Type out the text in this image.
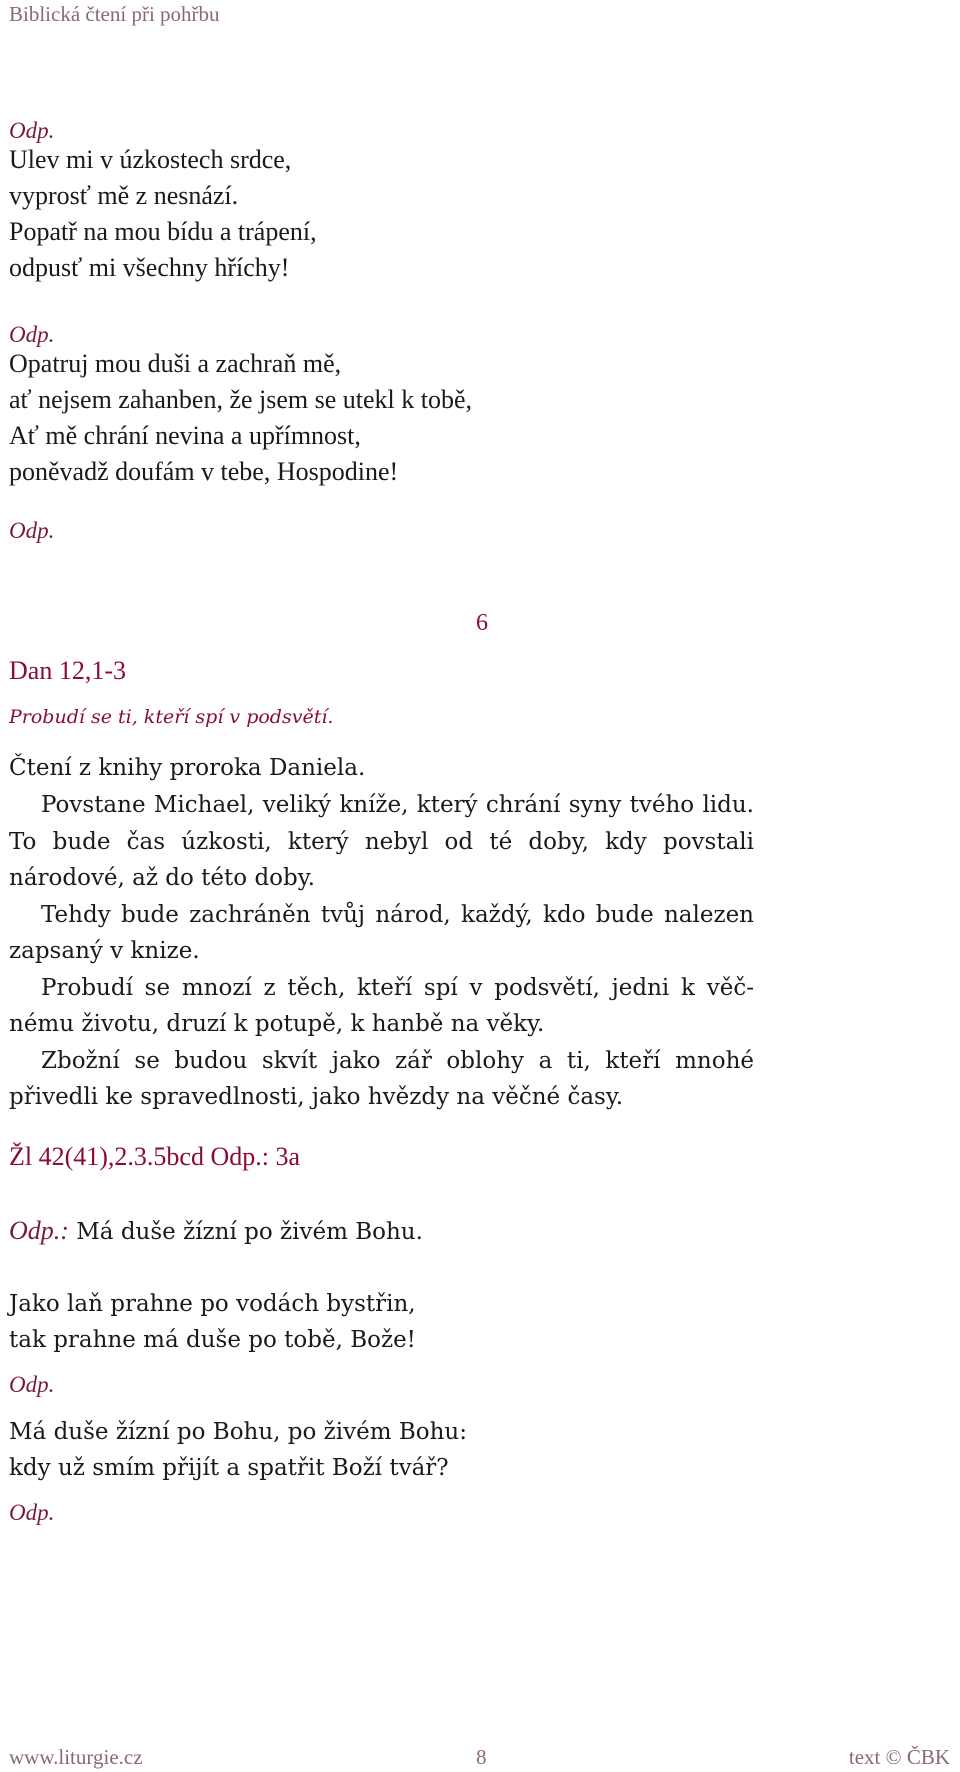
Biblická čtení při pohřbu
Odp.
Ulev mi v úzkostech srdce,
vyprosť mě z nesnází.
Popatř na mou bídu a trápení,
odpusť mi všechny hříchy!
Odp.
Opatruj mou duši a zachraň mě,
ať nejsem zahanben, že jsem se utekl k tobě,
Ať mě chrání nevina a upřímnost,
poněvadž doufám v tebe, Hospodine!
Odp.
6
Dan 12,1-3
Probudí se ti, kteří spí v podsvětí.

Čtení z knihy proroka Daniela.

Povstane Michael, veliký kníže, který chrání syny tvého lidu. To bude čas úzkosti, který nebyl od té doby, kdy povstali národové, až do této doby.

Tehdy bude zachráněn tvůj národ, každý, kdo bude nalezen zapsaný v knize.

Probudí se mnozí z těch, kteří spí v podsvětí, jedni k věčnému životu, druzí k potupě, k hanbě na věky.

Zbožní se budou skvít jako zář oblohy a ti, kteří mnohé přivedli ke spravedlnosti, jako hvězdy na věčné časy.

Žl 42(41),2.3.5bcd Odp.: 3a
Odp.: Má duše žízní po živém Bohu.
Jako laň prahne po vodách bystřin,
tak prahne má duše po tobě, Bože!
Odp.
Má duše žízní po Bohu, po živém Bohu:
kdy už smím přijít a spatřit Boží tvář?
Odp.
www.liturgie.cz	8	text © ČBK
